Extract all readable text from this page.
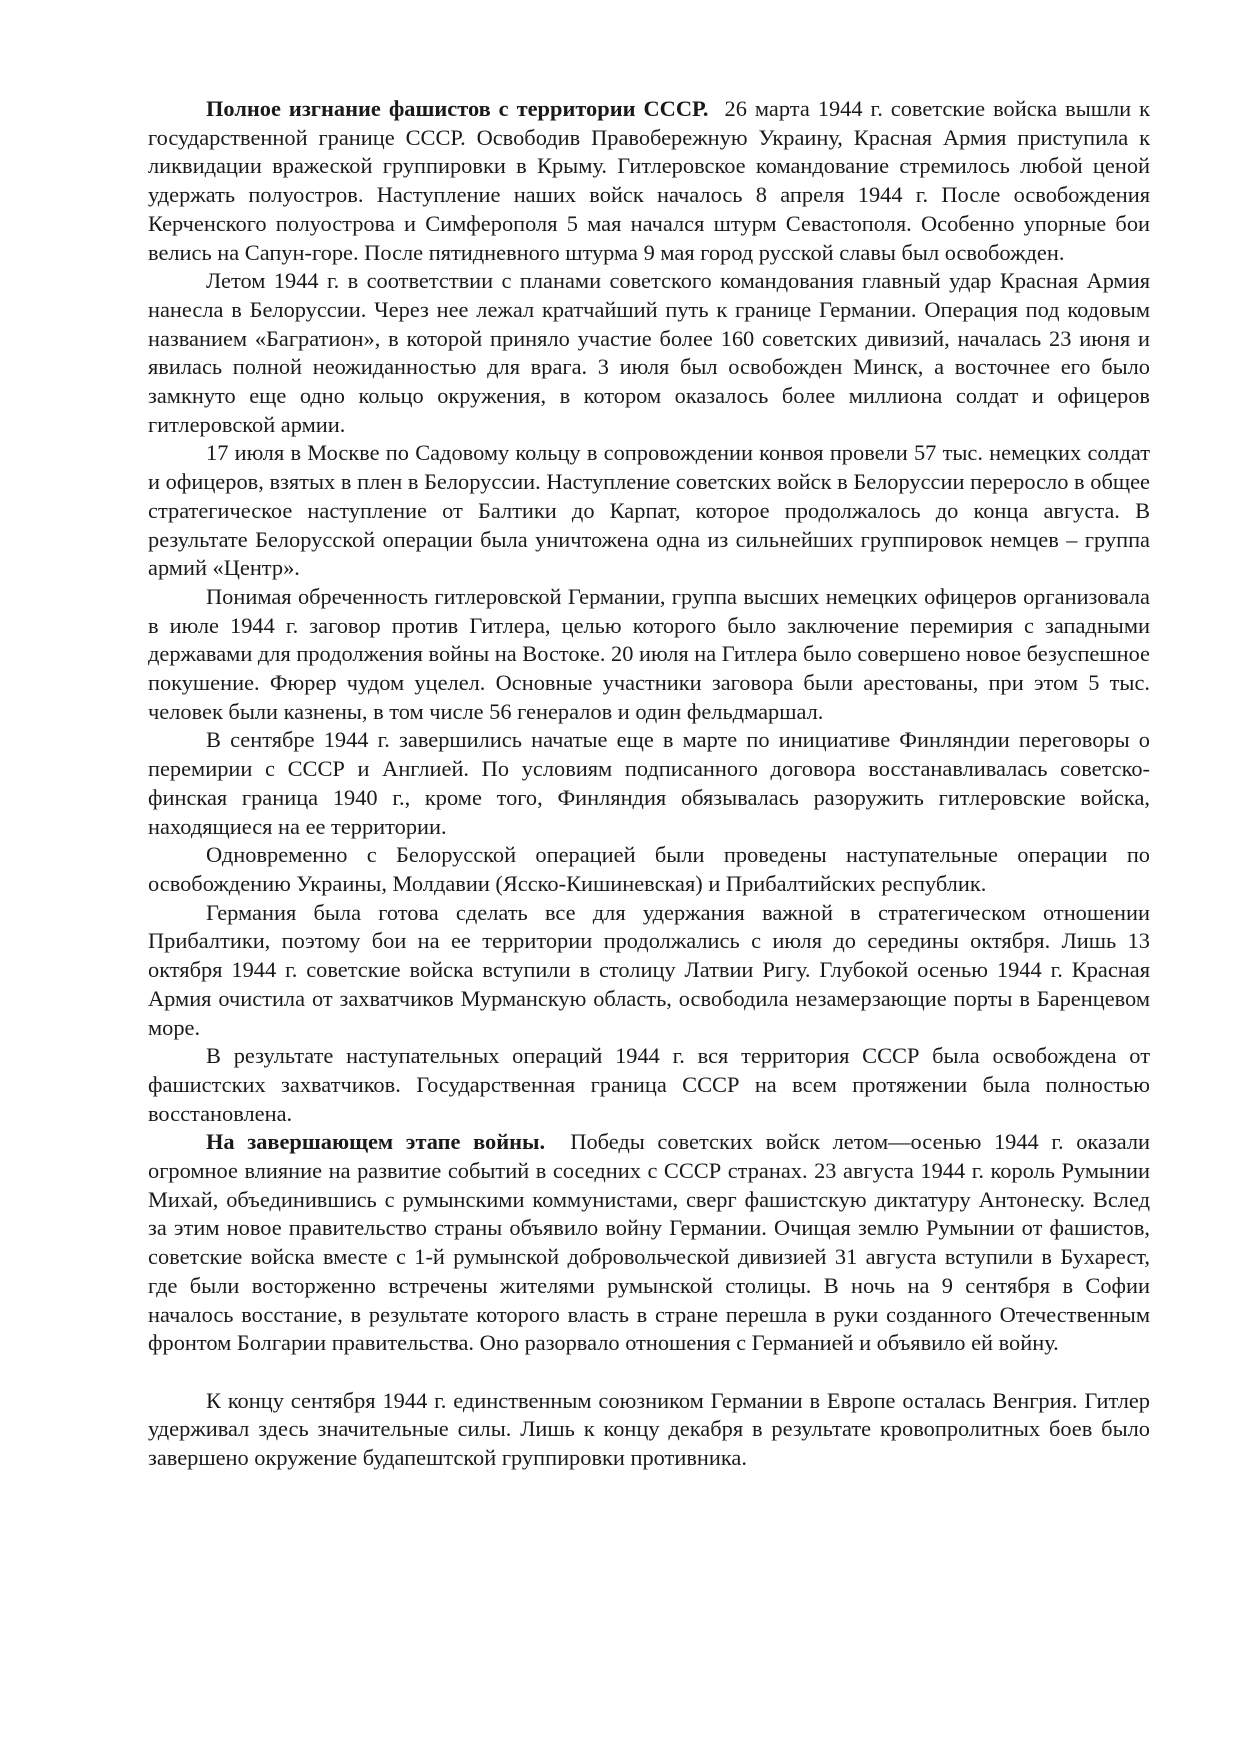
Полное изгнание фашистов с территории СССР. 26 марта 1944 г. советские войска вышли к государственной границе СССР. Освободив Правобережную Украину, Красная Армия приступила к ликвидации вражеской группировки в Крыму. Гитлеровское командование стремилось любой ценой удержать полуостров. Наступление наших войск началось 8 апреля 1944 г. После освобождения Керченского полуострова и Симферополя 5 мая начался штурм Севастополя. Особенно упорные бои велись на Сапун-горе. После пятидневного штурма 9 мая город русской славы был освобожден.

Летом 1944 г. в соответствии с планами советского командования главный удар Красная Армия нанесла в Белоруссии. Через нее лежал кратчайший путь к границе Германии. Операция под кодовым названием «Багратион», в которой приняло участие более 160 советских дивизий, началась 23 июня и явилась полной неожиданностью для врага. 3 июля был освобожден Минск, а восточнее его было замкнуто еще одно кольцо окружения, в котором оказалось более миллиона солдат и офицеров гитлеровской армии.

17 июля в Москве по Садовому кольцу в сопровождении конвоя провели 57 тыс. немецких солдат и офицеров, взятых в плен в Белоруссии. Наступление советских войск в Белоруссии переросло в общее стратегическое наступление от Балтики до Карпат, которое продолжалось до конца августа. В результате Белорусской операции была уничтожена одна из сильнейших группировок немцев – группа армий «Центр».

Понимая обреченность гитлеровской Германии, группа высших немецких офицеров организовала в июле 1944 г. заговор против Гитлера, целью которого было заключение перемирия с западными державами для продолжения войны на Востоке. 20 июля на Гитлера было совершено новое безуспешное покушение. Фюрер чудом уцелел. Основные участники заговора были арестованы, при этом 5 тыс. человек были казнены, в том числе 56 генералов и один фельдмаршал.

В сентябре 1944 г. завершились начатые еще в марте по инициативе Финляндии переговоры о перемирии с СССР и Англией. По условиям подписанного договора восстанавливалась советско-финская граница 1940 г., кроме того, Финляндия обязывалась разоружить гитлеровские войска, находящиеся на ее территории.

Одновременно с Белорусской операцией были проведены наступательные операции по освобождению Украины, Молдавии (Ясско-Кишиневская) и Прибалтийских республик.

Германия была готова сделать все для удержания важной в стратегическом отношении Прибалтики, поэтому бои на ее территории продолжались с июля до середины октября. Лишь 13 октября 1944 г. советские войска вступили в столицу Латвии Ригу. Глубокой осенью 1944 г. Красная Армия очистила от захватчиков Мурманскую область, освободила незамерзающие порты в Баренцевом море.

В результате наступательных операций 1944 г. вся территория СССР была освобождена от фашистских захватчиков. Государственная граница СССР на всем протяжении была полностью восстановлена.

На завершающем этапе войны. Победы советских войск летом—осенью 1944 г. оказали огромное влияние на развитие событий в соседних с СССР странах. 23 августа 1944 г. король Румынии Михай, объединившись с румынскими коммунистами, сверг фашистскую диктатуру Антонеску. Вслед за этим новое правительство страны объявило войну Германии. Очищая землю Румынии от фашистов, советские войска вместе с 1-й румынской добровольческой дивизией 31 августа вступили в Бухарест, где были восторженно встречены жителями румынской столицы. В ночь на 9 сентября в Софии началось восстание, в результате которого власть в стране перешла в руки созданного Отечественным фронтом Болгарии правительства. Оно разорвало отношения с Германией и объявило ей войну.

К концу сентября 1944 г. единственным союзником Германии в Европе осталась Венгрия. Гитлер удерживал здесь значительные силы. Лишь к концу декабря в результате кровопролитных боев было завершено окружение будапештской группировки противника.
